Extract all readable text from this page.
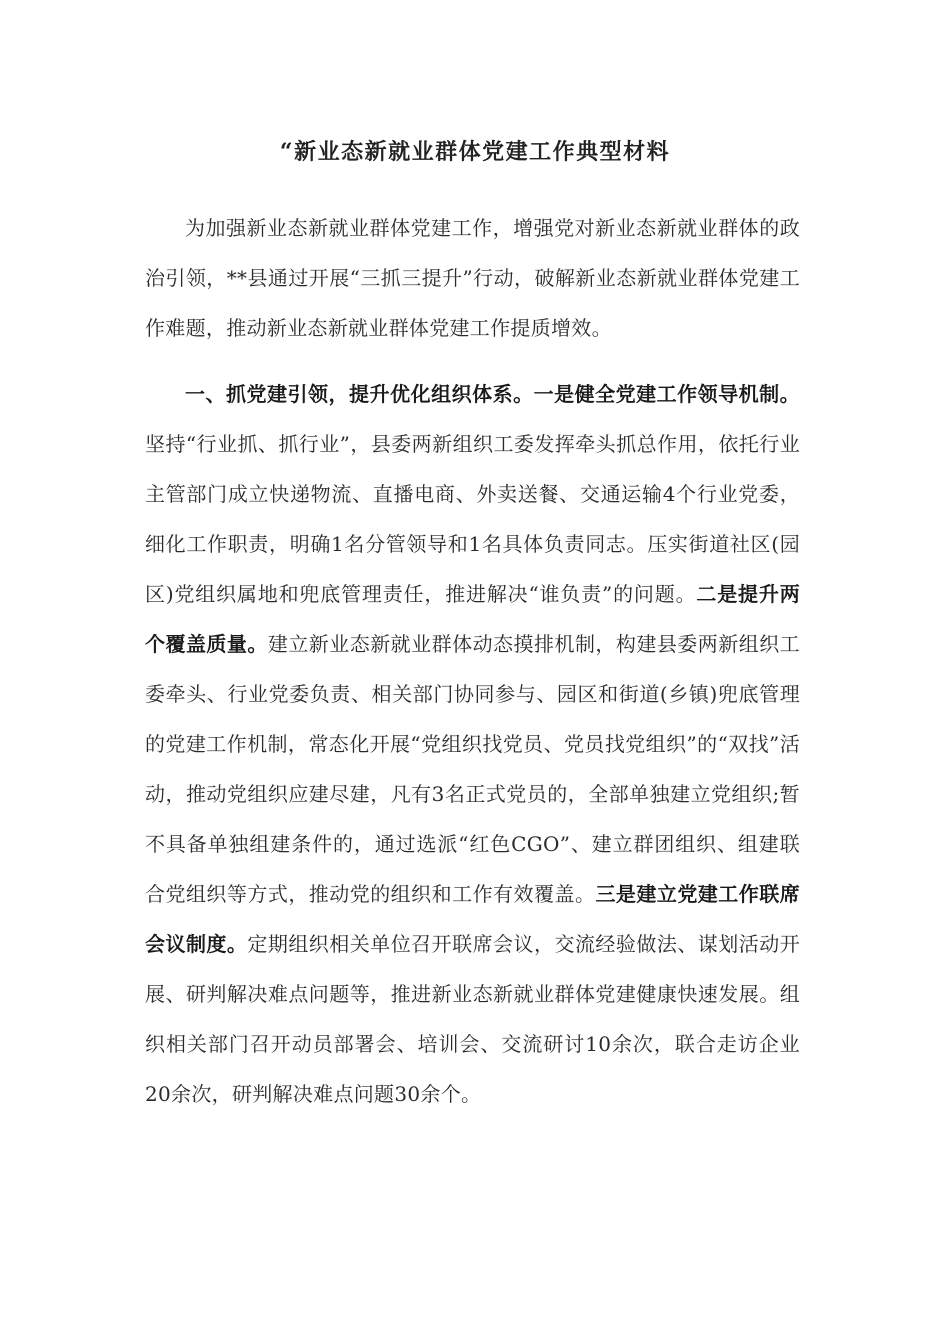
“新业态新就业群体党建工作典型材料

为加强新业态新就业群体党建工作，增强党对新业态新就业群体的政治引领，**县通过开展“三抓三提升”行动，破解新业态新就业群体党建工作难题，推动新业态新就业群体党建工作提质增效。

一、抓党建引领，提升优化组织体系。一是健全党建工作领导机制。坚持“行业抓、抓行业”，县委两新组织工委发挥牵头抓总作用，依托行业主管部门成立快递物流、直播电商、外卖送餐、交通运输4个行业党委，细化工作职责，明确1名分管领导和1名具体负责同志。压实街道社区(园区)党组织属地和兜底管理责任，推进解决“谁负责”的问题。二是提升两个覆盖质量。建立新业态新就业群体动态摸排机制，构建县委两新组织工委牵头、行业党委负责、相关部门协同参与、园区和街道(乡镇)兜底管理的党建工作机制，常态化开展“党组织找党员、党员找党组织”的“双找”活动，推动党组织应建尽建，凡有3名正式党员的，全部单独建立党组织;暂不具备单独组建条件的，通过选派“红色CGO”、建立群团组织、组建联合党组织等方式，推动党的组织和工作有效覆盖。三是建立党建工作联席会议制度。定期组织相关单位召开联席会议，交流经验做法、谋划活动开展、研判解决难点问题等，推进新业态新就业群体党建健康快速发展。组织相关部门召开动员部署会、培训会、交流研讨10余次，联合走访企业20余次，研判解决难点问题30余个。
